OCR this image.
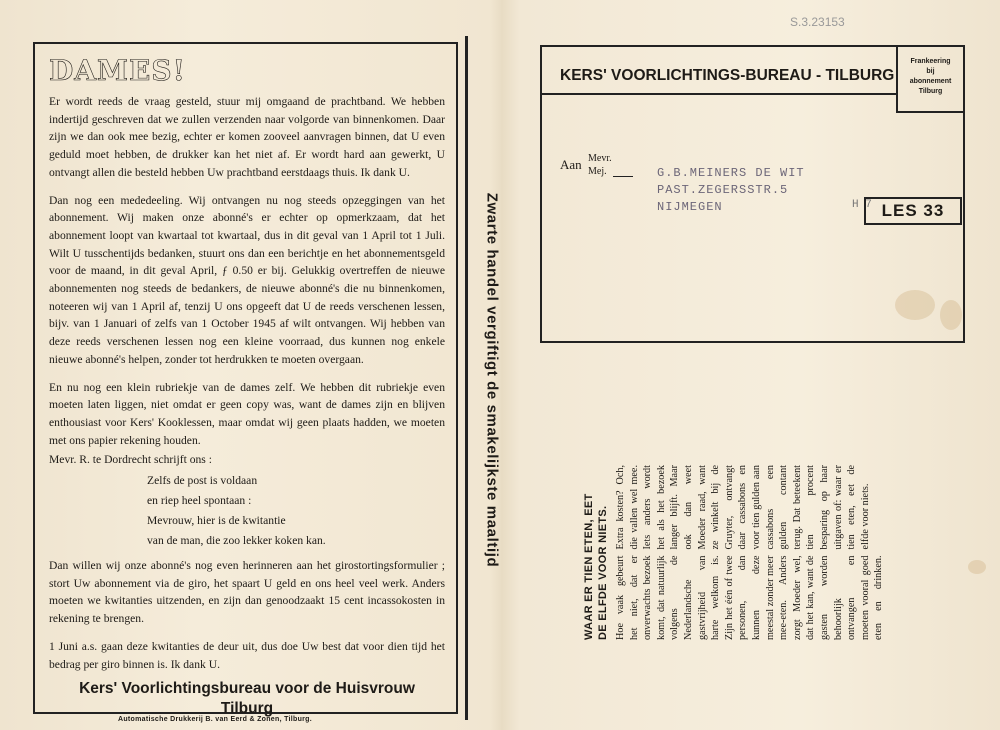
S.3.23153
DAMES!

Er wordt reeds de vraag gesteld, stuur mij omgaand de prachtband. We hebben indertijd geschreven dat we zullen verzenden naar volgorde van binnenkomen. Daar zijn we dan ook mee bezig, echter er komen zooveel aanvragen binnen, dat U even geduld moet hebben, de drukker kan het niet af. Er wordt hard aan gewerkt, U ontvangt allen die besteld hebben Uw prachtband eerstdaags thuis. Ik dank U.

Dan nog een mededeeling. Wij ontvangen nu nog steeds opzeggingen van het abonnement. Wij maken onze abonné's er echter op opmerkzaam, dat het abonnement loopt van kwartaal tot kwartaal, dus in dit geval van 1 April tot 1 Juli. Wilt U tusschentijds bedanken, stuurt ons dan een berichtje en het abonnementsgeld voor de maand, in dit geval April, ƒ 0.50 er bij. Gelukkig overtreffen de nieuwe abonnementen nog steeds de bedankers, de nieuwe abonné's die nu binnenkomen, noteeren wij van 1 April af, tenzij U ons opgeeft dat U de reeds verschenen lessen, bijv. van 1 Januari of zelfs van 1 October 1945 af wilt ontvangen. Wij hebben van deze reeds verschenen lessen nog een kleine voorraad, dus kunnen nog enkele nieuwe abonné's helpen, zonder tot herdrukken te moeten overgaan.

En nu nog een klein rubriekje van de dames zelf. We hebben dit rubriekje even moeten laten liggen, niet omdat er geen copy was, want de dames zijn en blijven enthousiast voor Kers' Kooklessen, maar omdat wij geen plaats hadden, we moeten met ons papier rekening houden.

Mevr. R. te Dordrecht schrijft ons :

Zelfs de post is voldaan
en riep heel spontaan :
Mevrouw, hier is de kwitantie
van de man, die zoo lekker koken kan.

Dan willen wij onze abonné's nog even herinneren aan het girostortingsformulier ; stort Uw abonnement via de giro, het spaart U geld en ons heel veel werk. Anders moeten we kwitanties uitzenden, en zijn dan genoodzaakt 15 cent incassokosten in rekening te brengen.

1 Juni a.s. gaan deze kwitanties de deur uit, dus doe Uw best dat voor dien tijd het bedrag per giro binnen is. Ik dank U.

Kers' Voorlichtingsbureau voor de Huisvrouw
Tilburg
Automatische Drukkerij B. van Eerd & Zonen, Tilburg.
Zwarte handel vergiftigt de smakelijkste maaltijd
KERS' VOORLICHTINGS-BUREAU - TILBURG
Frankeering
bij
abonnement
Tilburg
Aan Mevr.
Mej.	G.B.MEINERS DE WIT
PAST.ZEGERSSTR.5
NIJMEGEN	H 7 LES 33
WAAR ER TIEN ETEN, EET DE ELFDE VOOR NIETS. Hoe vaak gebeurt het niet, dat er onverwachts bezoek komt, dat natuurlijk volgens de Nederlandsche gastvrijheid van harte welkom is. Zijn het één of twee personen, dan kunnen deze meestal zonder meer mee-eten. Anders zorgt Moeder wel, dat het kan, want de gasten worden behoorlijk ontvangen en moeten vooral goed eten en drinken. Extra kosten? Och, die vallen wel mee. Iets anders wordt het als het bezoek langer blijft. Maar ook dan weet Moeder raad, want ze winkelt bij de Gruyter, ontvangt daar cassabons en voor tien gulden aan cassabons een gulden contant terug. Dat beteekent tien procent besparing op haar uitgaven of: waar er tien eten, eet de elfde voor niets.
